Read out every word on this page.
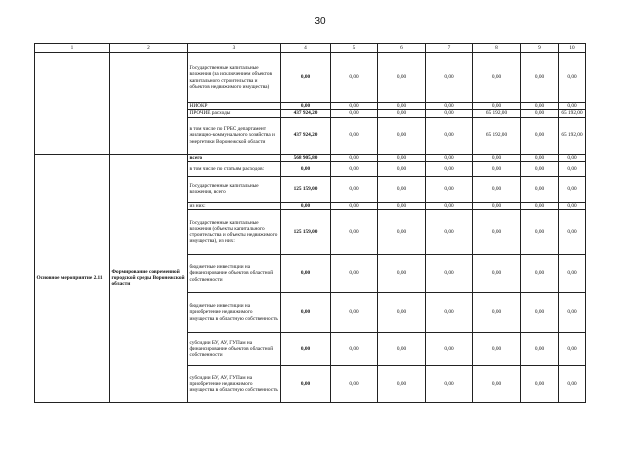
30
1	2	3	4	5	6	7	8	9	10
		Государственные капитальные вложения (за исключением объектов капитального строительства и объектов недвижимого имущества)	0,00	0,00	0,00	0,00	0,00	0,00	0,00
		НИОКР	0,00	0,00	0,00	0,00	0,00	0,00	0,00
		ПРОЧИЕ расходы	437 924,20	0,00	0,00	0,00	65 192,00	0,00	65 192,00
		в том числе по ГРБС департамент жилищно-коммунального хозяйства и энергетики Воронежской области	437 924,20	0,00	0,00	0,00	65 192,00	0,00	65 192,00
Основное мероприятие 2.11	Формирование современной городской среды Воронежской области	всего	568 905,80	0,00	0,00	0,00	0,00	0,00	0,00
		в том числе по статьям расходов:	0,00	0,00	0,00	0,00	0,00	0,00	0,00
		Государственные капитальные вложения, всего	125 159,00	0,00	0,00	0,00	0,00	0,00	0,00
		из них:	0,00	0,00	0,00	0,00	0,00	0,00	0,00
		Государственные капитальные вложения (объекты капитального строительства и объекты недвижимого имущества), из них:	125 159,00	0,00	0,00	0,00	0,00	0,00	0,00
		бюджетные инвестиции на финансирование объектов областной собственности	0,00	0,00	0,00	0,00	0,00	0,00	0,00
		бюджетные инвестиции на приобретение недвижимого имущества в областную собственность	0,00	0,00	0,00	0,00	0,00	0,00	0,00
		субсидии БУ, АУ, ГУПам на финансирование объектов областной собственности	0,00	0,00	0,00	0,00	0,00	0,00	0,00
		субсидии БУ, АУ, ГУПам на приобретение недвижимого имущества в областную собственность	0,00	0,00	0,00	0,00	0,00	0,00	0,00
